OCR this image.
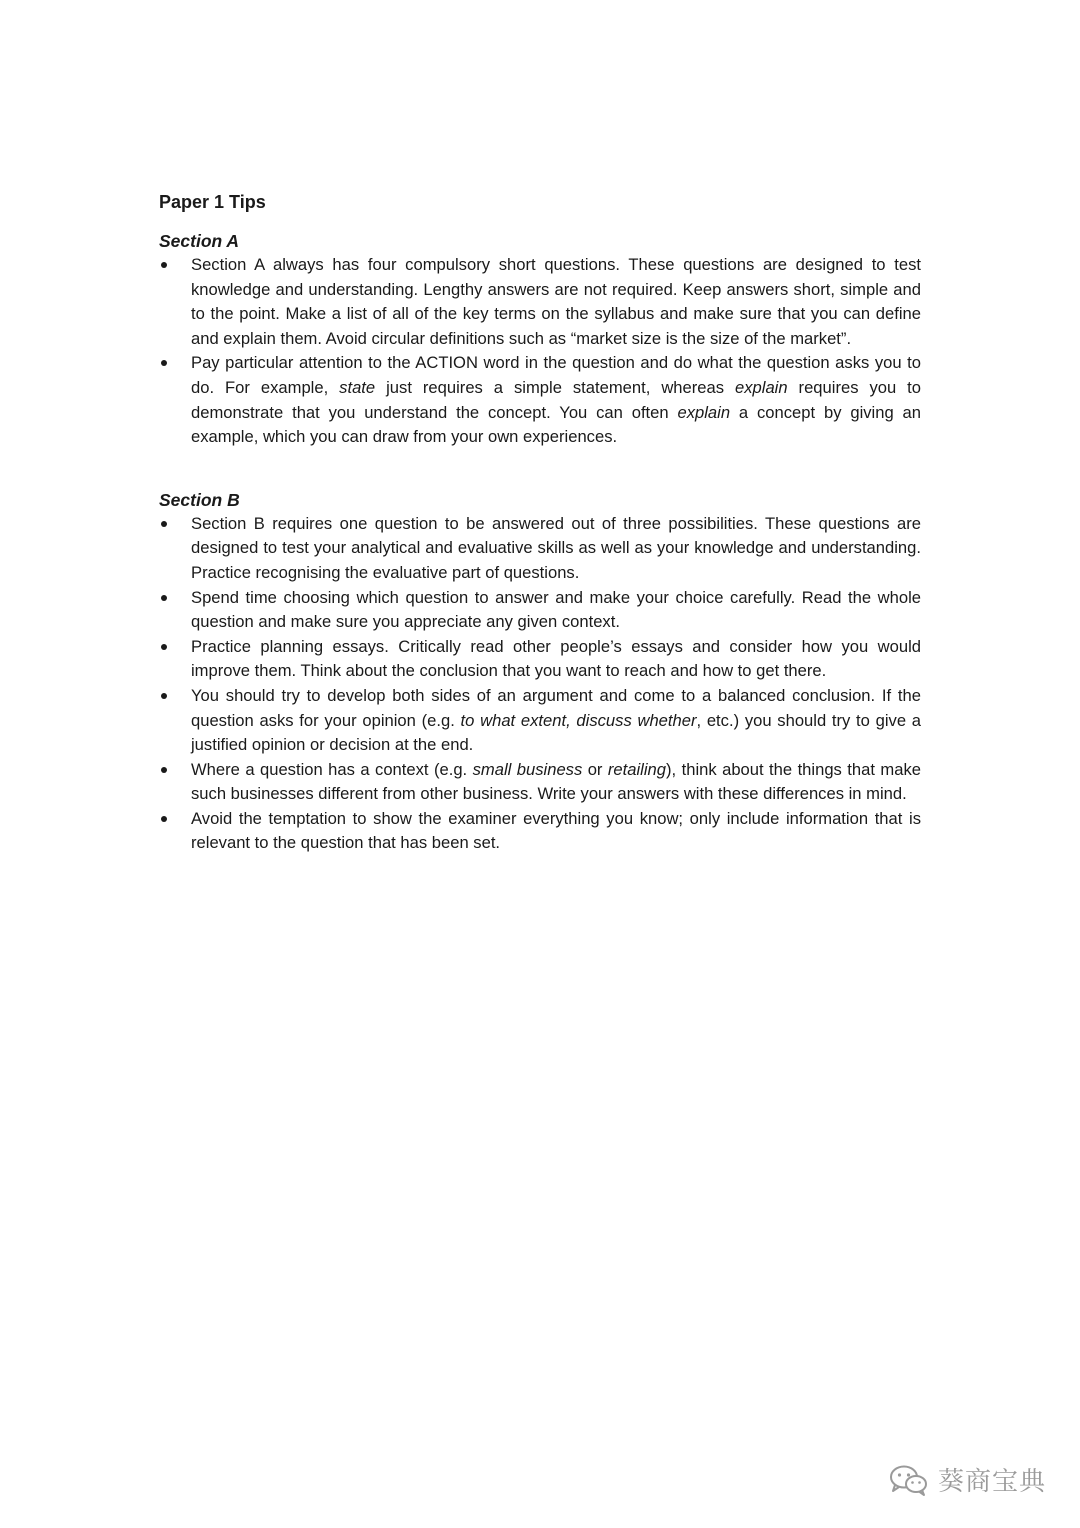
Paper 1 Tips
Section A
Section A always has four compulsory short questions. These questions are designed to test knowledge and understanding. Lengthy answers are not required. Keep answers short, simple and to the point. Make a list of all of the key terms on the syllabus and make sure that you can define and explain them. Avoid circular definitions such as “market size is the size of the market”.
Pay particular attention to the ACTION word in the question and do what the question asks you to do. For example, state just requires a simple statement, whereas explain requires you to demonstrate that you understand the concept. You can often explain a concept by giving an example, which you can draw from your own experiences.
Section B
Section B requires one question to be answered out of three possibilities. These questions are designed to test your analytical and evaluative skills as well as your knowledge and understanding. Practice recognising the evaluative part of questions.
Spend time choosing which question to answer and make your choice carefully. Read the whole question and make sure you appreciate any given context.
Practice planning essays. Critically read other people’s essays and consider how you would improve them. Think about the conclusion that you want to reach and how to get there.
You should try to develop both sides of an argument and come to a balanced conclusion. If the question asks for your opinion (e.g. to what extent, discuss whether, etc.) you should try to give a justified opinion or decision at the end.
Where a question has a context (e.g. small business or retailing), think about the things that make such businesses different from other business. Write your answers with these differences in mind.
Avoid the temptation to show the examiner everything you know; only include information that is relevant to the question that has been set.
葵商宝典
